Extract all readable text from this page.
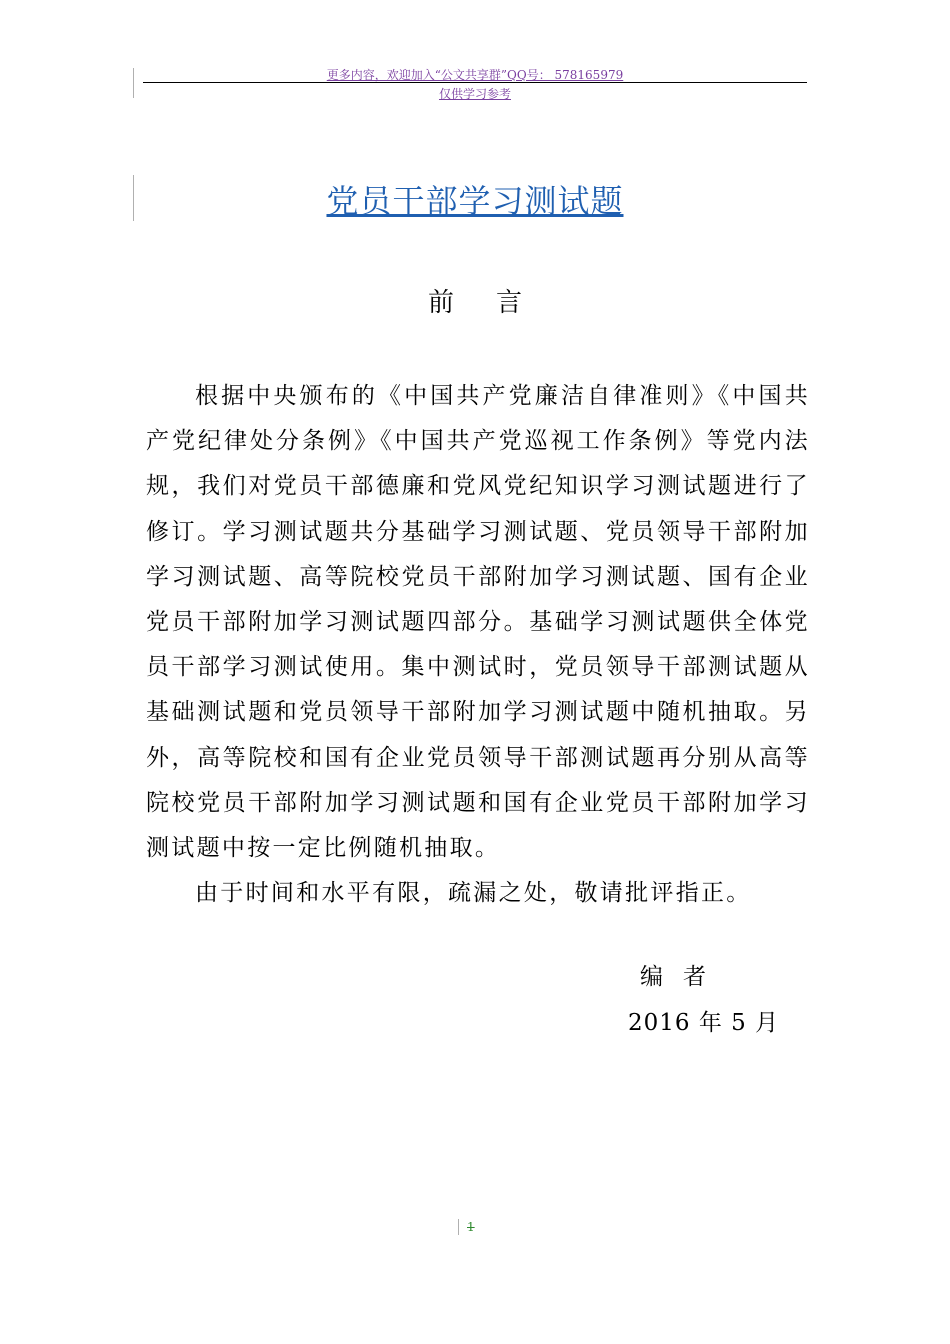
更多内容，欢迎加入“公文共享群”QQ号： 578165979
仅供学习参考
党员干部学习测试题
前言

根据中央颁布的《中国共产党廉洁自律准则》《中国共产党纪律处分条例》《中国共产党巡视工作条例》等党内法规，我们对党员干部德廉和党风党纪知识学习测试题进行了修订。学习测试题共分基础学习测试题、党员领导干部附加学习测试题、高等院校党员干部附加学习测试题、国有企业党员干部附加学习测试题四部分。基础学习测试题供全体党员干部学习测试使用。集中测试时，党员领导干部测试题从基础测试题和党员领导干部附加学习测试题中随机抽取。另外，高等院校和国有企业党员领导干部测试题再分别从高等院校党员干部附加学习测试题和国有企业党员干部附加学习测试题中按一定比例随机抽取。

由于时间和水平有限，疏漏之处，敬请批评指正。

编者
2016 年 5 月
1
